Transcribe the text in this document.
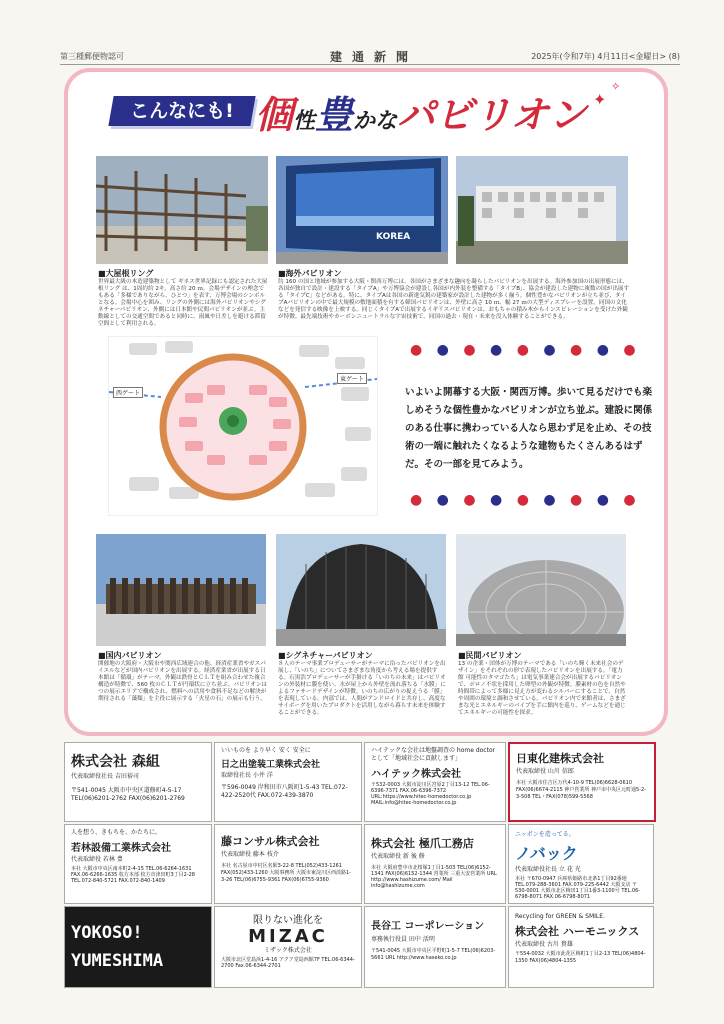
第三種郵便物認可	建通新聞	2025年(令和7年) 4月11日<金曜日> (8)
こんなにも! 個性豊かなパビリオン ✦
✧
KOREA
■大屋根リング
世界最大級の木造建築物として ギネス世界記録にも認定された大屋根リング は、1周約約 2キ。高さ約 20 ｍ。会場デザインの理念でもある「多様でありながら、ひとつ」を表す、万博会場のシンボルとなる。会場中心を囲み、リングの外側には海外パビリオンやシグネチャーパビリオン、外側には日本館や民間パビリオンが並ぶ。主動線としての交通空間であると同時に、雨風や日差しを避ける滞留空間として利用される。
■海外パビリオン
約 160 の国と地域が参加する大阪・関西万博には、各国がさまざまな趣向を凝らしたパビリオンを出展する。海外参加国の出展形態には、各国が独自で設計・建設する「タイプA」や万博協会が建設し各国が内外装を整備する「タイプB」、協会が建設した建物に複数の国が出展する「タイプC」などがある。特に、タイプAは各国の新進気鋭の建築家が設計した建物が多く揃う。個性豊かなパビリオンが立ち並び、タイプAパビリオンの中で最大規模の敷地面積を有する韓国パビリオンは、外壁に高さ 10 ｍ、幅 27 ｍの大型ディスプレーを設置。同国の文化などを発信する映像を上映する。同じくタイプAで出展するイギリスパビリオンは、おもちゃの積み木からインスピレーションを受けた外観が特徴。最先端技術やカーボンニュートラルな宇宙技術で、同国の過去・現在・未来を没入体験することができる。
西ゲート
東ゲート
● ● ● ● ● ● ● ● ●
いよいよ開幕する大阪・関西万博。歩いて見るだけでも楽しめそうな個性豊かなパビリオンが立ち並ぶ。建設に関係のある仕事に携わっている人なら思わず足を止め、その技術の一端に触れたくなるような建物もたくさんあるはずだ。その一部を見てみよう。
● ● ● ● ● ● ● ● ●
■国内パビリオン
開催地の大阪府・大阪市や関西広域連合の他、経済産業省やガスパイエルなどが国内パビリオンを出展する。経済産業省が出展する日本館は「循環」がテーマ。外観は鉄骨とＣＬＴを組み合わせた複合構造が特徴で、560 枚のＣＬＴが円環状に立ち並ぶ。パビリオンはつの展示エリアで構成され、燃料への活用や食料不足などの解決が期待される「藻類」を主役に展示する「火星の石」の展示も行う。
■シグネチャーパビリオン
８人のテーマ事業プロデューサーがテーマに沿ったパビリオンを出展し、「いのち」についてさまざまな角度から考える場を提供する。石黒浩プロデューサーが手掛ける「いのちの未来」はパビリオンの外装材に膜を使い、水が屋上から外壁を流れ落ちる「水膜」によるファサードデザインが特徴。いのちの広がりの捉えうる「膜」を表現している。内部では、人間がアンドロイドと共存し、高度なサイボーグを用いたプロダクトを活用しながら暮らす未来を体験することができる。
■民間パビリオン
13 の企業・団体が万博のテーマである「いのち輝く未来社会のデザイン」をそれぞれの形で表現したパビリオンを出展する。「電力館 可能性のタマゴたち」は電気事業連合会が出展するパビリオンで、ポロノ不状を採用した卵型の外観が特徴。膜素材の色を自然や時間帯によって多様に見え方が変わるシルバーにすることで、自然や周囲の環境と調和させている。パビリオン内で来館者は、さまざまな光とエネルギーのパイプを手に館内を巡り、ゲームなどを通じてエネルギーの可能性を探求。
株式会社 森組
代表取締役社長 吉田裕司
〒541-0045 大阪市中央区道修町4-5-17 TEL(06)6201-2762 FAX(06)6201-2769
いいものを より早く 安く 安全に
日之出塗装工業株式会社
取締役社長 小井 洋
〒596-0049 岸和田市八阪町1-5-43 TEL.072-422-2520代 FAX.072-439-3870
ハイテックな会社は地盤調査の home doctorとして「地域社会に貢献します」
ハイテック株式会社
〒532-0003 大阪市淀川区宮原2丁目13-12 TEL.06-6396-7371 FAX.06-6396-7372 URL:https://www.hitec-homedoctor.co.jp MAIL:info@hitec-homedoctor.co.jp
日東化建株式会社
代表取締役 山川 信郎
本社 大阪市住吉区万代4-10-9 TEL(06)6628-0610 FAX(06)6674-2115 神戸営業所 神戸市中央区元町通5-2-3-508 TEL・FAX(078)599-5568
人を想う、きもちを、かたちに。
若林設備工業株式会社
代表取締役 若林 豊
本社 大阪市中央区南本町2-4-15 TEL.06-6264-1631 FAX.06-6266-1635 枚方本部 枚方市津田町3丁目2-28 TEL.072-840-5721 FAX.072-840-1409
藤コンサル株式会社
代表取締役 藤本 枝介
本社 名古屋市中村区名駅3-22-8 TEL(052)433-1261 FAX(052)433-1260 大阪事務所 大阪市東淀川区西淡路1-3-26 TEL(06)6755-9361 FAX(06)6755-9360
株式会社 極爪工務店
代表取締役 新 後 修
本社 大阪府豊中市北桜塚1丁目1-503 TEL(06)6152-1341 FAX(06)6152-1344 営業所 三重大安営業所 URL http://www.hashizume.com/ Mail info@hashizume.com
ニッポンを造ってる。
ノバック
代表取締役社長 立 花 光
本社 〒670-0947 兵庫県姫路市北条1丁目92番地 TEL.079-288-3601 FAX.079-225-6442 大阪支店 〒530-0001 大阪市北区梅田1丁目1番3-1100号 TEL.06-6798-8071 FAX.06-6798-8071
YOKOSO! YUMESHIMA
限りない進化を
MIZAC
ミザック株式会社
大阪市北区堂島浜1-4-16 アクア堂島西館7F TEL.06-6344-2700 Fax.06-6344-2701
長谷工 コーポレーション
専務執行役員 田中 活明
〒541-0045 大阪市中央区平野町1-5-7 TEL(06)6203-5661 URL http://www.haseko.co.jp
Recycling for GREEN & SMILE.
株式会社 ハーモニックス
代表取締役 古川 貴雄
〒554-0032 大阪市此花区梅町1丁目2-13 TEL(06)4804-1350 FAX(06)4804-1355
